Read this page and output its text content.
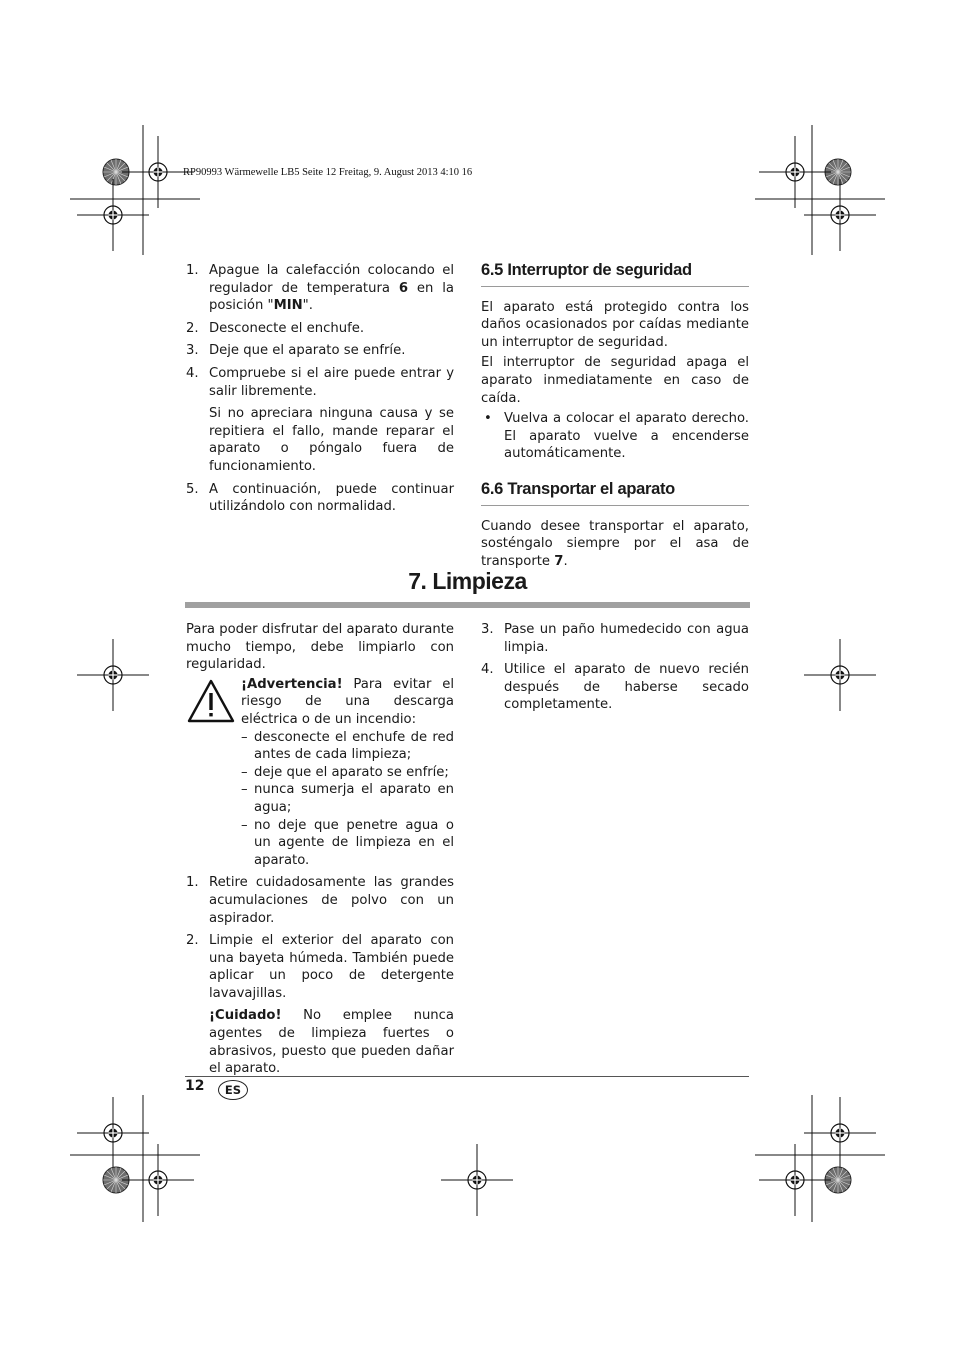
RP90993 Wärmewelle LB5 Seite 12 Freitag, 9. August 2013 4:10 16
1. Apague la calefacción colocando el regulador de temperatura 6 en la posición "MIN".
2. Desconecte el enchufe.
3. Deje que el aparato se enfríe.
4. Compruebe si el aire puede entrar y salir libremente.
Si no apreciara ninguna causa y se repitiera el fallo, mande reparar el aparato o póngalo fuera de funcionamiento.
5. A continuación, puede continuar utilizándolo con normalidad.
6.5 Interruptor de seguridad

El aparato está protegido contra los daños ocasionados por caídas mediante un interruptor de seguridad.

El interruptor de seguridad apaga el aparato inmediatamente en caso de caída.

• Vuelva a colocar el aparato derecho. El aparato vuelve a encenderse automáticamente.
6.6 Transportar el aparato

Cuando desee transportar el aparato, sosténgalo siempre por el asa de transporte 7.

7. Limpieza

Para poder disfrutar del aparato durante mucho tiempo, debe limpiarlo con regularidad.

¡Advertencia! Para evitar el riesgo de una descarga eléctrica o de un incendio:

– desconecte el enchufe de red antes de cada limpieza;
– deje que el aparato se enfríe;
– nunca sumerja el aparato en agua;
– no deje que penetre agua o un agente de limpieza en el aparato.
1. Retire cuidadosamente las grandes acumulaciones de polvo con un aspirador.
2. Limpie el exterior del aparato con una bayeta húmeda. También puede aplicar un poco de detergente lavavajillas.
¡Cuidado! No emplee nunca agentes de limpieza fuertes o abrasivos, puesto que pueden dañar el aparato.
3. Pase un paño humedecido con agua limpia.
4. Utilice el aparato de nuevo recién después de haberse secado completamente.
12	ES
